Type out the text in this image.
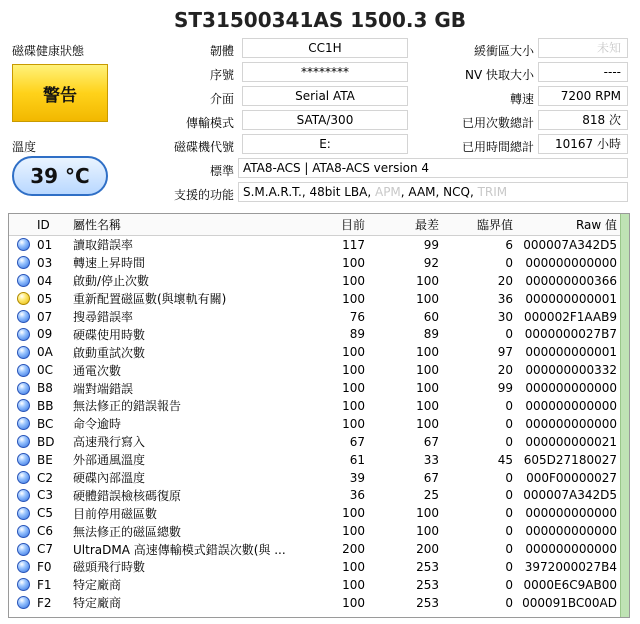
ST31500341AS 1500.3 GB
磁碟健康狀態
警告
溫度
39 °C
韌體	CC1H
序號	********
介面	Serial ATA
傳輸模式	SATA/300
磁碟機代號	E:
緩衝區大小	未知
NV 快取大小	----
轉速	7200 RPM
已用次數總計	818 次
已用時間總計	10167 小時
標準 ATA8-ACS | ATA8-ACS version 4
支援的功能 S.M.A.R.T., 48bit LBA, APM, AAM, NCQ, TRIM
ID	屬性名稱	目前	最差	臨界值	Raw 值
01	讀取錯誤率	117	99	6 000007A342D5
03	轉速上昇時間	100	92	0	000000000000
04	啟動/停止次數	100	100	20	000000000366
05	重新配置磁區數(與壞軌有關)	100	100	36	000000000001
07	搜尋錯誤率	76	60	30 000002F1AAB9
09	硬碟使用時數	89	89	0 0000000027B7
0A	啟動重試次數	100	100	97	000000000001
0C	通電次數	100	100	20	000000000332
B8	端對端錯誤	100	100	99	000000000000
BB	無法修正的錯誤報告	100	100	0	000000000000
BC	命令逾時	100	100	0	000000000000
BD	高速飛行寫入	67	67	0	000000000021
BE	外部通風溫度	61	33	45 605D27180027
C2	硬碟內部溫度	39	67	0	000F00000027
C3	硬體錯誤檢核碼復原	36	25	0 000007A342D5
C5	目前停用磁區數	100	100	0	000000000000
C6	無法修正的磁區總數	100	100	0	000000000000
C7	UltraDMA 高速傳輸模式錯誤次數(與 ...	200	200	0	000000000000
F0	磁頭飛行時數	100	253	0 3972000027B4
F1	特定廠商	100	253	0 0000E6C9AB00
F2	特定廠商	100	253	0 000091BC00AD
